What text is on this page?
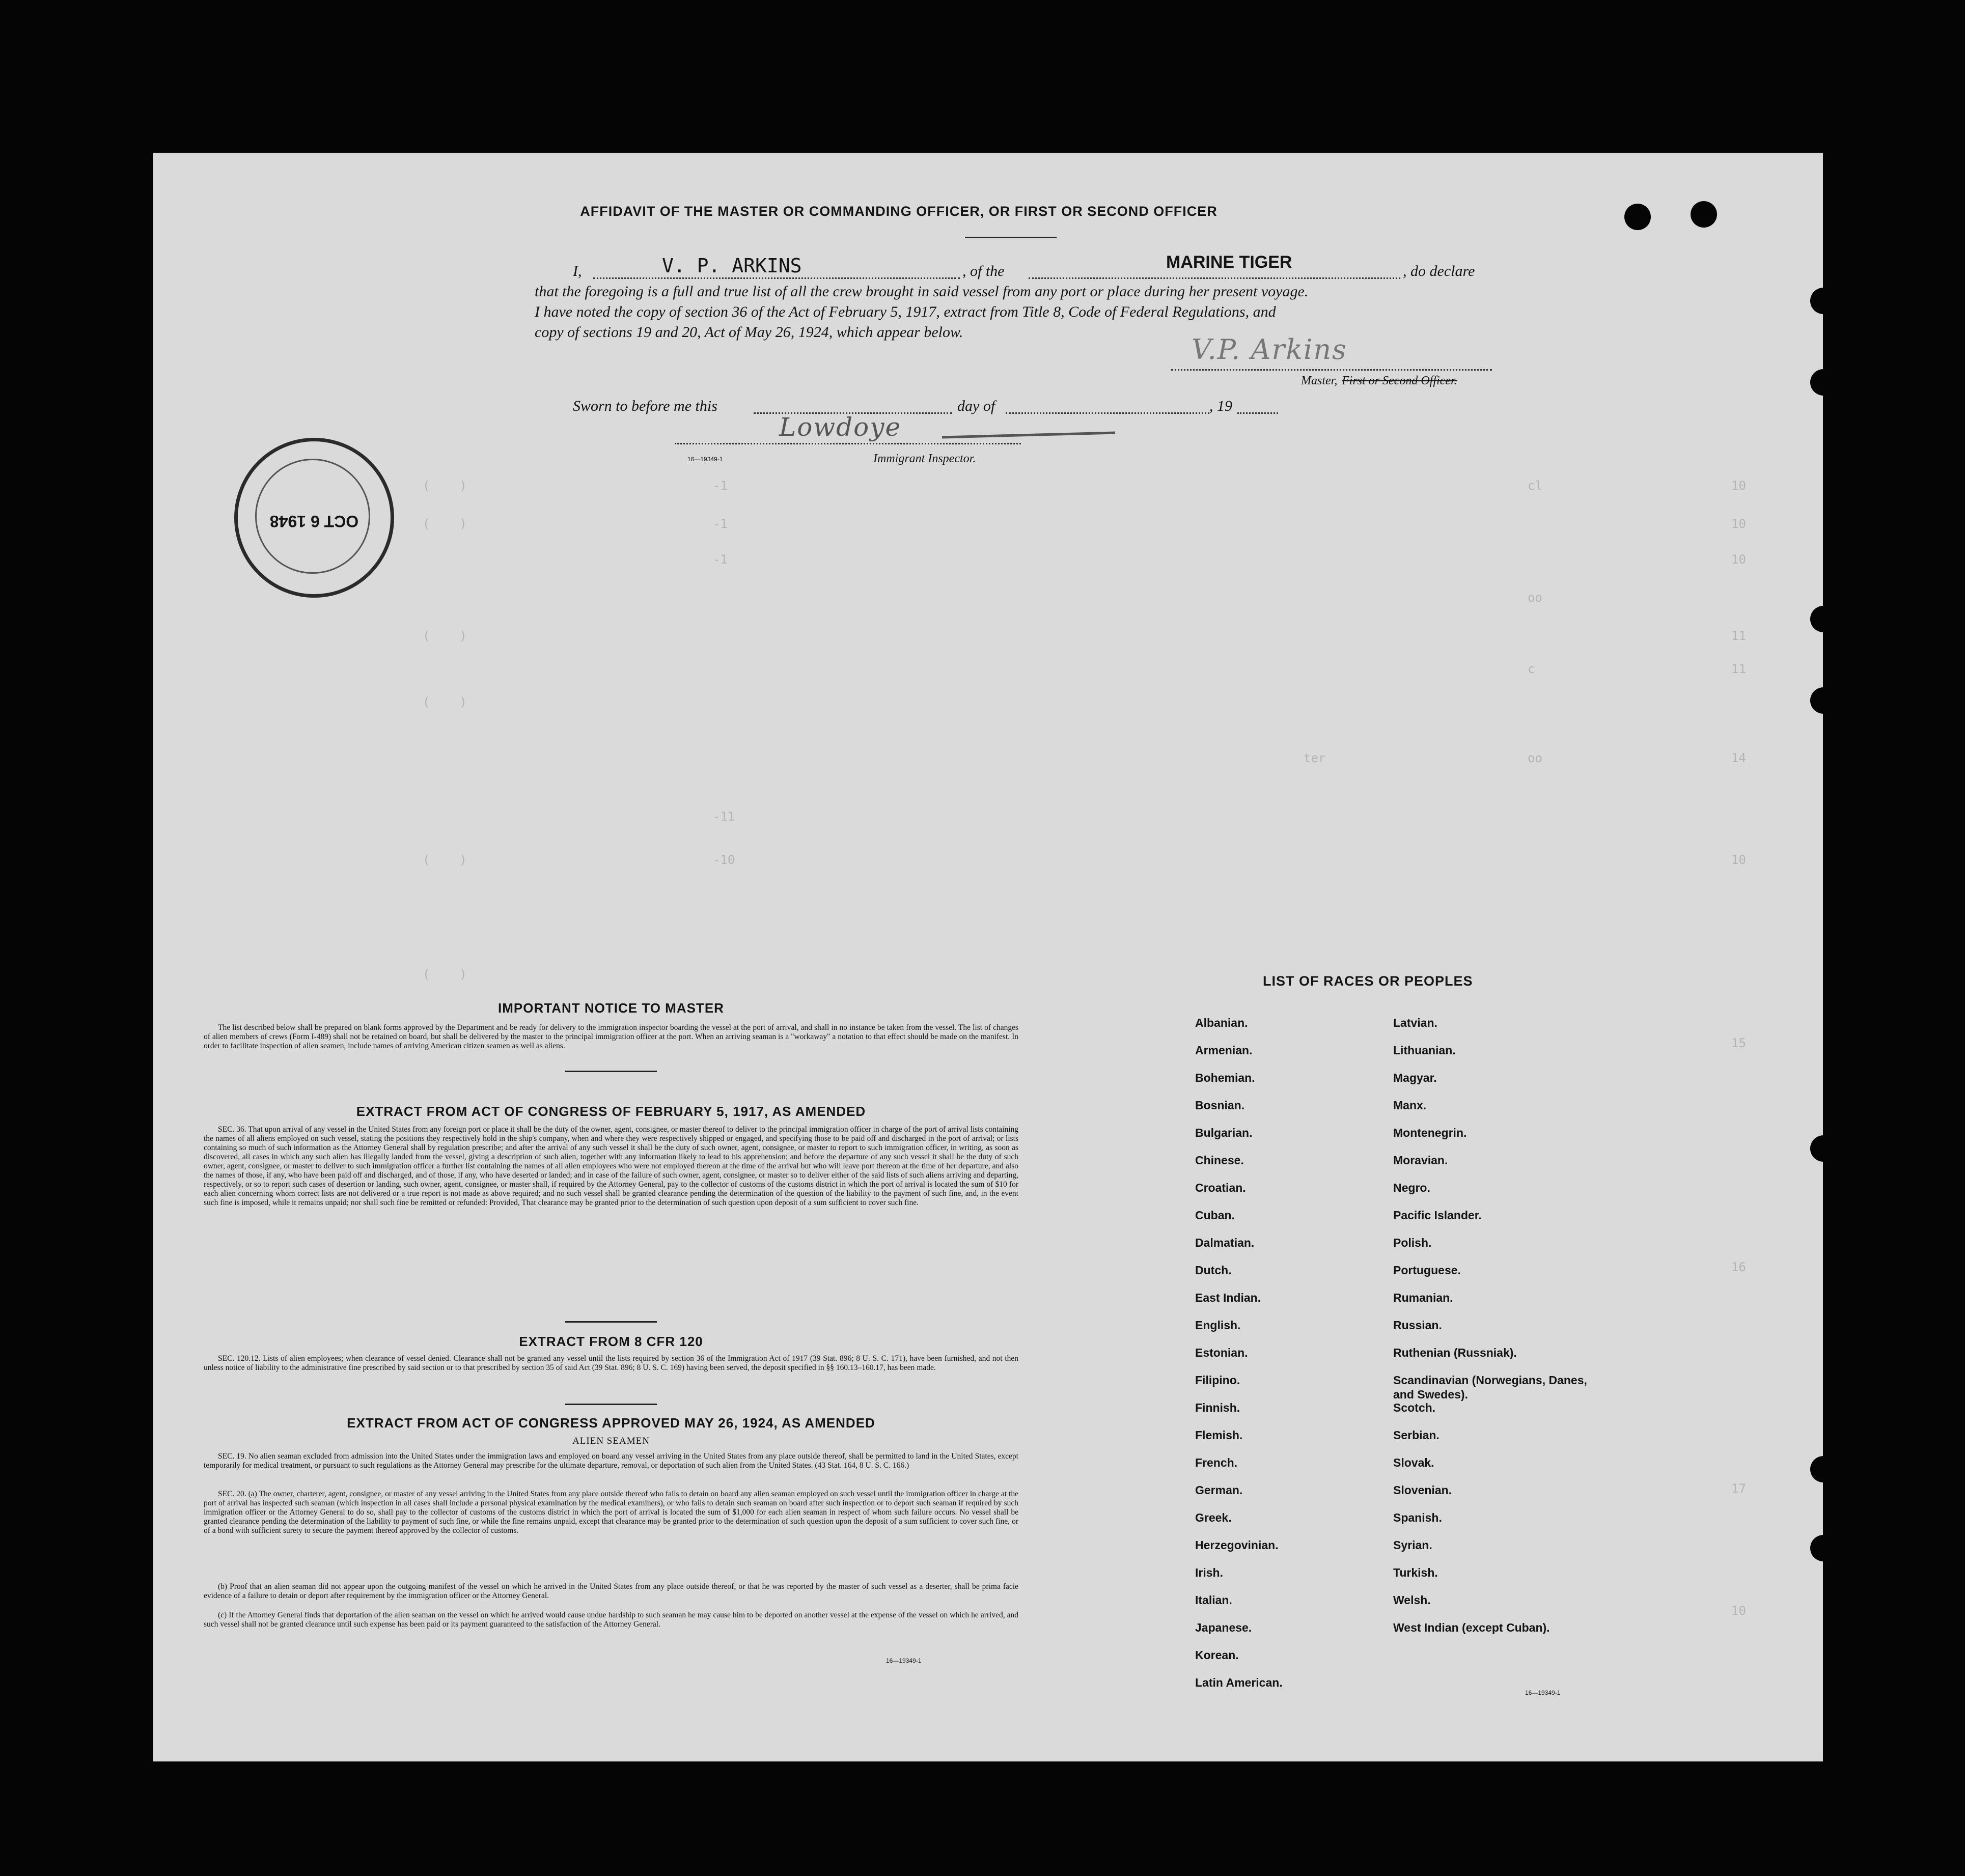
AFFIDAVIT OF THE MASTER OR COMMANDING OFFICER, OR FIRST OR SECOND OFFICER
I,	V. P. ARKINS	, of the	MARINE TIGER	, do declare
that the foregoing is a full and true list of all the crew brought in said vessel from any port or place during her present voyage.
I have noted the copy of section 36 of the Act of February 5, 1917, extract from Title 8, Code of Federal Regulations, and
copy of sections 19 and 20, Act of May 26, 1924, which appear below.
V.P. Arkins
Master, First or Second Officer.
Sworn to before me this	day of	, 19
Lowdoye
16—19349-1	Immigrant Inspector.
OCT 6 1948
(    )
(    )
(    )
(    )
(    )
(    )
-1
-1
-1
-11
-10
ter
cl
oo
c
oo
10
10
10
11
11
14
10
15
16
17
10
IMPORTANT NOTICE TO MASTER
The list described below shall be prepared on blank forms approved by the Department and be ready for delivery to the immigration inspector boarding the vessel at the port of arrival, and shall in no instance be taken from the vessel. The list of changes of alien members of crews (Form I-489) shall not be retained on board, but shall be delivered by the master to the principal immigration officer at the port. When an arriving seaman is a "workaway" a notation to that effect should be made on the manifest. In order to facilitate inspection of alien seamen, include names of arriving American citizen seamen as well as aliens.
EXTRACT FROM ACT OF CONGRESS OF FEBRUARY 5, 1917, AS AMENDED
SEC. 36. That upon arrival of any vessel in the United States from any foreign port or place it shall be the duty of the owner, agent, consignee, or master thereof to deliver to the principal immigration officer in charge of the port of arrival lists containing the names of all aliens employed on such vessel, stating the positions they respectively hold in the ship's company, when and where they were respectively shipped or engaged, and specifying those to be paid off and discharged in the port of arrival; or lists containing so much of such information as the Attorney General shall by regulation prescribe; and after the arrival of any such vessel it shall be the duty of such owner, agent, consignee, or master to report to such immigration officer, in writing, as soon as discovered, all cases in which any such alien has illegally landed from the vessel, giving a description of such alien, together with any information likely to lead to his apprehension; and before the departure of any such vessel it shall be the duty of such owner, agent, consignee, or master to deliver to such immigration officer a further list containing the names of all alien employees who were not employed thereon at the time of the arrival but who will leave port thereon at the time of her departure, and also the names of those, if any, who have been paid off and discharged, and of those, if any, who have deserted or landed; and in case of the failure of such owner, agent, consignee, or master so to deliver either of the said lists of such aliens arriving and departing, respectively, or so to report such cases of desertion or landing, such owner, agent, consignee, or master shall, if required by the Attorney General, pay to the collector of customs of the customs district in which the port of arrival is located the sum of $10 for each alien concerning whom correct lists are not delivered or a true report is not made as above required; and no such vessel shall be granted clearance pending the determination of the question of the liability to the payment of such fine, and, in the event such fine is imposed, while it remains unpaid; nor shall such fine be remitted or refunded: Provided, That clearance may be granted prior to the determination of such question upon deposit of a sum sufficient to cover such fine.
EXTRACT FROM 8 CFR 120
SEC. 120.12. Lists of alien employees; when clearance of vessel denied. Clearance shall not be granted any vessel until the lists required by section 36 of the Immigration Act of 1917 (39 Stat. 896; 8 U. S. C. 171), have been furnished, and not then unless notice of liability to the administrative fine prescribed by said section or to that prescribed by section 35 of said Act (39 Stat. 896; 8 U. S. C. 169) having been served, the deposit specified in §§ 160.13–160.17, has been made.
EXTRACT FROM ACT OF CONGRESS APPROVED MAY 26, 1924, AS AMENDED
ALIEN SEAMEN
SEC. 19. No alien seaman excluded from admission into the United States under the immigration laws and employed on board any vessel arriving in the United States from any place outside thereof, shall be permitted to land in the United States, except temporarily for medical treatment, or pursuant to such regulations as the Attorney General may prescribe for the ultimate departure, removal, or deportation of such alien from the United States. (43 Stat. 164, 8 U. S. C. 166.)
SEC. 20. (a) The owner, charterer, agent, consignee, or master of any vessel arriving in the United States from any place outside thereof who fails to detain on board any alien seaman employed on such vessel until the immigration officer in charge at the port of arrival has inspected such seaman (which inspection in all cases shall include a personal physical examination by the medical examiners), or who fails to detain such seaman on board after such inspection or to deport such seaman if required by such immigration officer or the Attorney General to do so, shall pay to the collector of customs of the customs district in which the port of arrival is located the sum of $1,000 for each alien seaman in respect of whom such failure occurs. No vessel shall be granted clearance pending the determination of the liability to payment of such fine, or while the fine remains unpaid, except that clearance may be granted prior to the determination of such question upon the deposit of a sum sufficient to cover such fine, or of a bond with sufficient surety to secure the payment thereof approved by the collector of customs.
(b) Proof that an alien seaman did not appear upon the outgoing manifest of the vessel on which he arrived in the United States from any place outside thereof, or that he was reported by the master of such vessel as a deserter, shall be prima facie evidence of a failure to detain or deport after requirement by the immigration officer or the Attorney General.
(c) If the Attorney General finds that deportation of the alien seaman on the vessel on which he arrived would cause undue hardship to such seaman he may cause him to be deported on another vessel at the expense of the vessel on which he arrived, and such vessel shall not be granted clearance until such expense has been paid or its payment guaranteed to the satisfaction of the Attorney General.
16—19349-1
LIST OF RACES OR PEOPLES
Albanian.
Armenian.
Bohemian.
Bosnian.
Bulgarian.
Chinese.
Croatian.
Cuban.
Dalmatian.
Dutch.
East Indian.
English.
Estonian.
Filipino.
Finnish.
Flemish.
French.
German.
Greek.
Herzegovinian.
Irish.
Italian.
Japanese.
Korean.
Latin American.
Latvian.
Lithuanian.
Magyar.
Manx.
Montenegrin.
Moravian.
Negro.
Pacific Islander.
Polish.
Portuguese.
Rumanian.
Russian.
Ruthenian (Russniak).
Scandinavian (Norwegians, Danes, and Swedes).
Scotch.
Serbian.
Slovak.
Slovenian.
Spanish.
Syrian.
Turkish.
Welsh.
West Indian (except Cuban).
16—19349-1
